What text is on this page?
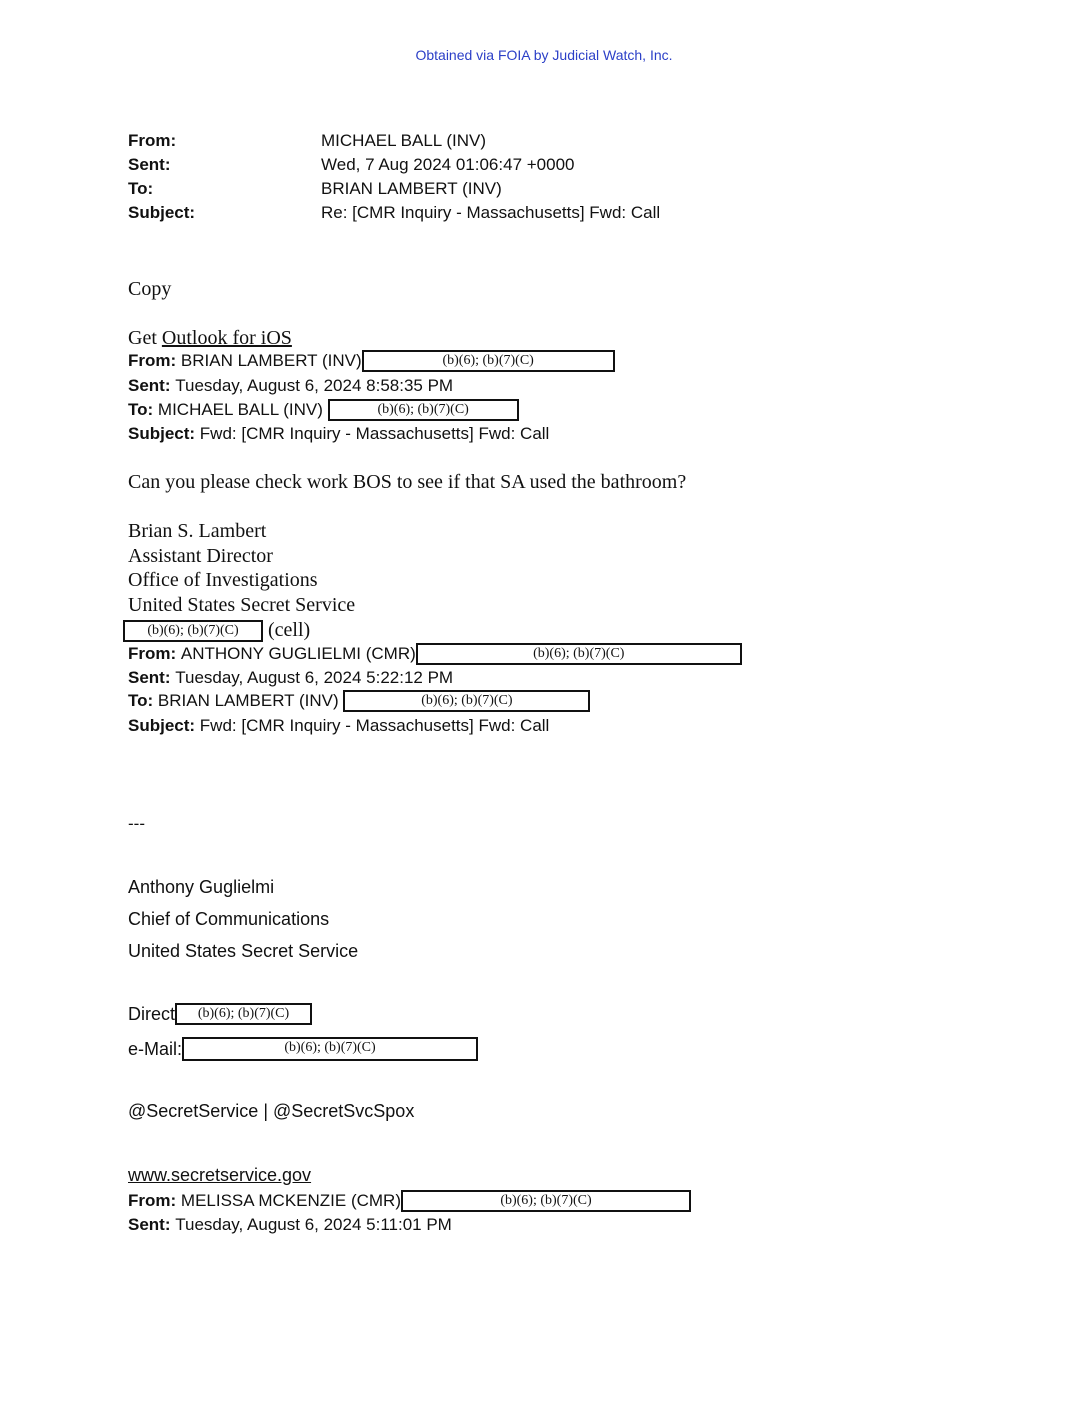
Obtained via FOIA by Judicial Watch, Inc.
From:	MICHAEL BALL (INV)
Sent:	Wed, 7 Aug 2024 01:06:47 +0000
To:	BRIAN LAMBERT (INV)
Subject:	Re: [CMR Inquiry - Massachusetts] Fwd: Call
Copy
Get Outlook for iOS
From:
BRIAN LAMBERT (INV)	(b)(6); (b)(7)(C)
Sent: Tuesday, August 6, 2024 8:58:35 PM
To:
MICHAEL BALL (INV)
	(b)(6); (b)(7)(C)
Subject: Fwd: [CMR Inquiry - Massachusetts] Fwd: Call
Can you please check work BOS to see if that SA used the bathroom?
Brian S. Lambert
Assistant Director
Office of Investigations
United States Secret Service
(b)(6); (b)(7)(C)
	(cell)
From:
ANTHONY GUGLIELMI (CMR)	(b)(6); (b)(7)(C)
Sent: Tuesday, August 6, 2024 5:22:12 PM
To:
BRIAN LAMBERT (INV)
	(b)(6); (b)(7)(C)
Subject: Fwd: [CMR Inquiry - Massachusetts] Fwd: Call
---
Anthony Guglielmi
Chief of Communications
United States Secret Service
Direct	(b)(6); (b)(7)(C)
e-Mail:	(b)(6); (b)(7)(C)
@SecretService | @SecretSvcSpox
www.secretservice.gov
From:
MELISSA MCKENZIE (CMR)	(b)(6); (b)(7)(C)
Sent: Tuesday, August 6, 2024 5:11:01 PM
